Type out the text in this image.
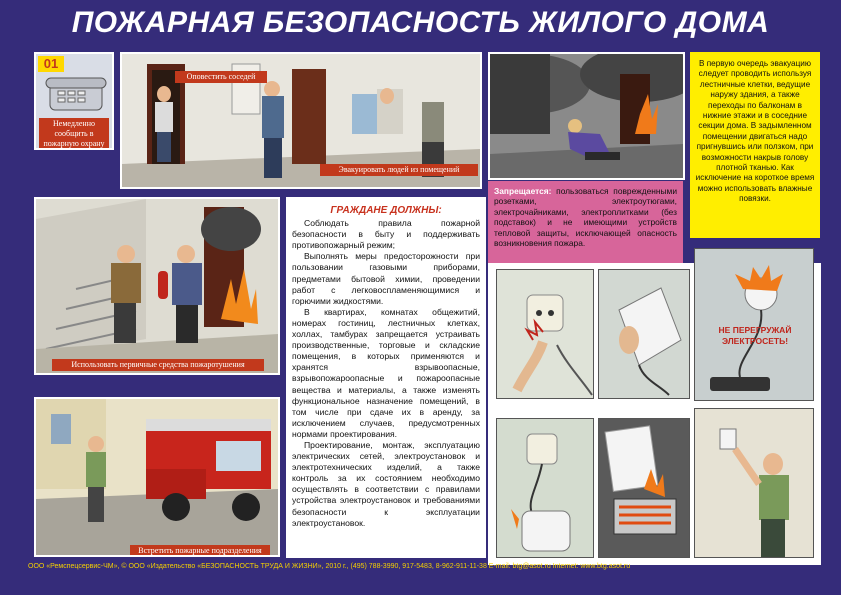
ПОЖАРНАЯ БЕЗОПАСНОСТЬ ЖИЛОГО ДОМА
01
Немедленно сообщить в пожарную охрану
Оповестить соседей
Эвакуировать людей из помещений
В первую очередь эвакуацию следует проводить используя лестничные клетки, ведущие наружу здания, а также переходы по балконам в нижние этажи и в соседние секции дома. В задымленном помещении двигаться надо пригнувшись или ползком, при возможности накрыв голову плотной тканью. Как исключение на короткое время можно использовать влажные повязки.
Использовать первичные средства пожаротушения
Встретить пожарные подразделения
ГРАЖДАНЕ ДОЛЖНЫ:

Соблюдать правила пожарной безопасности в быту и поддерживать противопожарный режим;

Выполнять меры предосторожности при пользовании газовыми приборами, предметами бытовой химии, проведении работ с легковоспламеняющимися и горючими жидкостями.

В квартирах, комнатах общежитий, номерах гостиниц, лестничных клетках, холлах, тамбурах запрещается устраивать производственные, торговые и складские помещения, в которых применяются и хранятся взрывоопасные, взрывопожароопасные и пожароопасные вещества и материалы, а также изменять функциональное назначение помещений, в том числе при сдаче их в аренду, за исключением случаев, предусмотренных нормами проектирования.

Проектирование, монтаж, эксплуатацию электрических сетей, электроустановок и электротехнических изделий, а также контроль за их состоянием необходимо осуществлять в соответствии с правилами устройства электроустановок и требованиями безопасности к эксплуатации электроустановок.

Запрещается: пользоваться поврежденными розетками, электроутюгами, электрочайниками, электроплитками (без подставок) и не имеющими устройств тепловой защиты, исключающей опасность возникновения пожара.
НЕ ПЕРЕГРУЖАЙ ЭЛЕКТРОСЕТЬ!
ООО «Ремспецсервис-ЧМ», © ООО «Издательство «БЕЗОПАСНОСТЬ ТРУДА И ЖИЗНИ», 2010 г., (495) 788-3990, 917-5483, 8-962-911-11-38 E-mail: btg@asot.ru Internet: www.btg.asot.ru
